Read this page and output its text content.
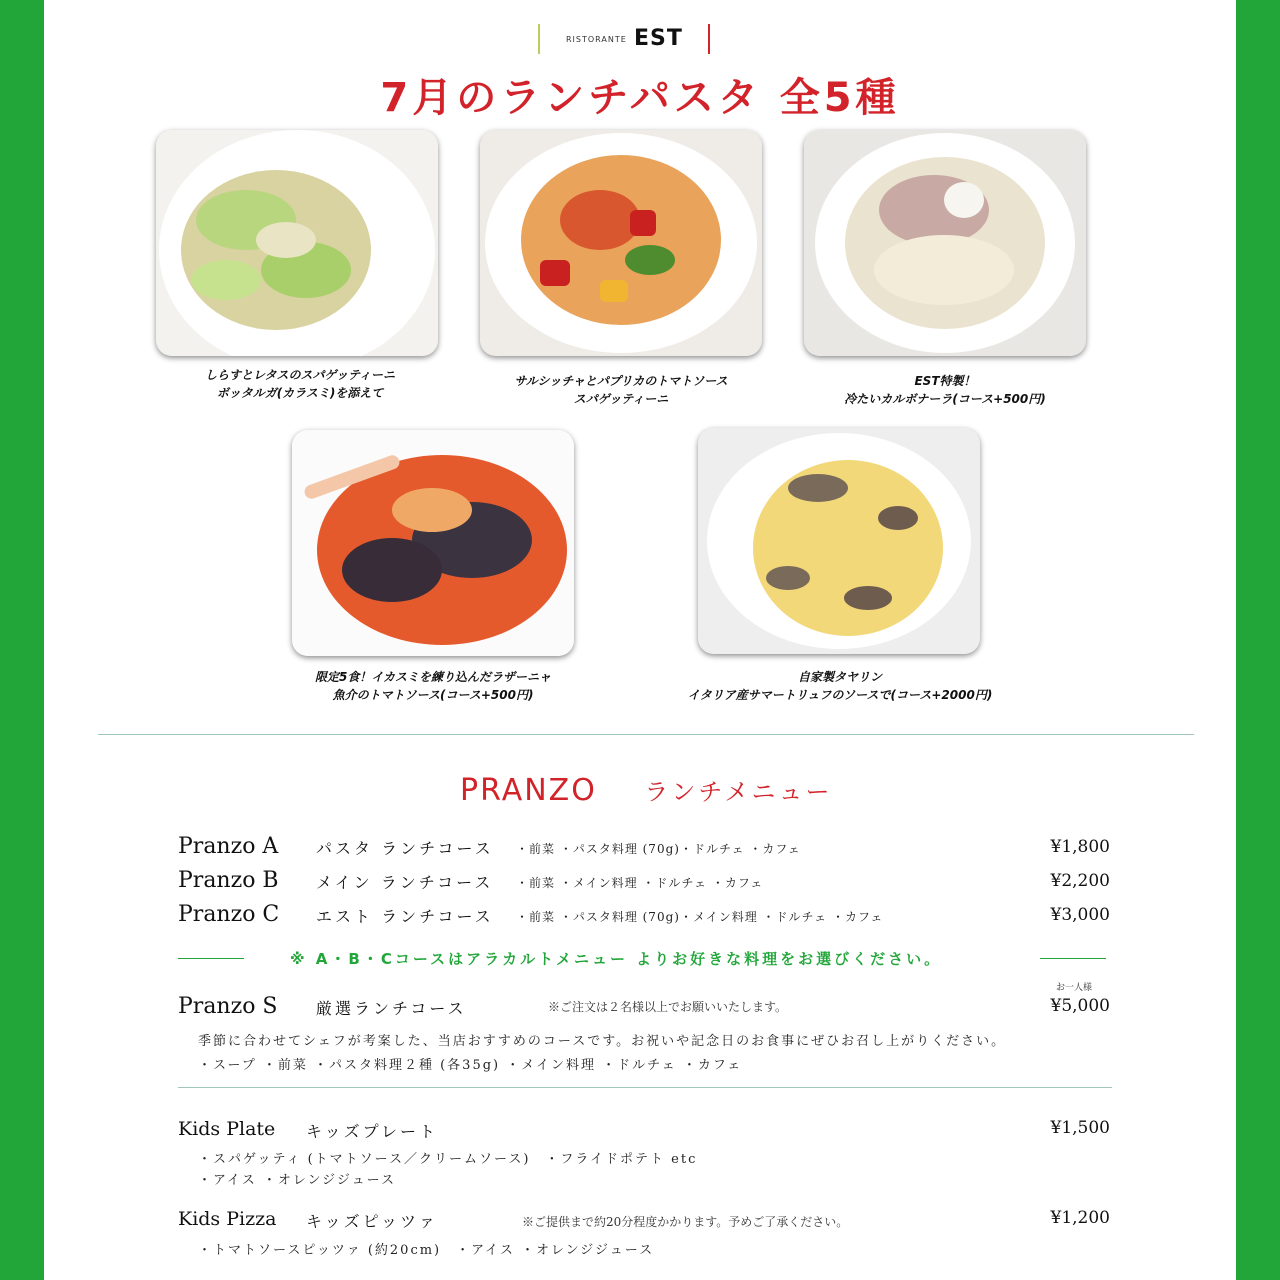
RISTORANTE EST
7月のランチパスタ 全5種
しらすとレタスのスパゲッティーニ
ボッタルガ(カラスミ)を添えて
サルシッチャとパプリカのトマトソース
スパゲッティーニ
EST特製！
冷たいカルボナーラ(コース+500円)
限定5食！イカスミを練り込んだラザーニャ
魚介のトマトソース(コース+500円)
自家製タヤリン
イタリア産サマートリュフのソースで(コース+2000円)
PRANZO ランチメニュー
Pranzo A パスタ ランチコース ・前菜 ・パスタ料理 (70g)・ドルチェ ・カフェ	¥1,800
Pranzo B メイン ランチコース ・前菜 ・メイン料理 ・ドルチェ ・カフェ	¥2,200
Pranzo C エスト ランチコース ・前菜 ・パスタ料理 (70g)・メイン料理 ・ドルチェ ・カフェ	¥3,000
※ A・B・Cコースはアラカルトメニュー よりお好きな料理をお選びください。
Pranzo S 厳選ランチコース	※ご注文は２名様以上でお願いいたします。
お一人様
¥5,000
季節に合わせてシェフが考案した、当店おすすめのコースです。お祝いや記念日のお食事にぜひお召し上がりください。
・スープ ・前菜 ・パスタ料理２種 (各35g) ・メイン料理 ・ドルチェ ・カフェ
Kids Plate キッズプレート	¥1,500
・スパゲッティ (トマトソース／クリームソース)　・フライドポテト etc
・アイス ・オレンジジュース
Kids Pizza キッズピッツァ	※ご提供まで約20分程度かかります。予めご了承ください。	¥1,200
・トマトソースピッツァ (約20cm)　・アイス ・オレンジジュース
